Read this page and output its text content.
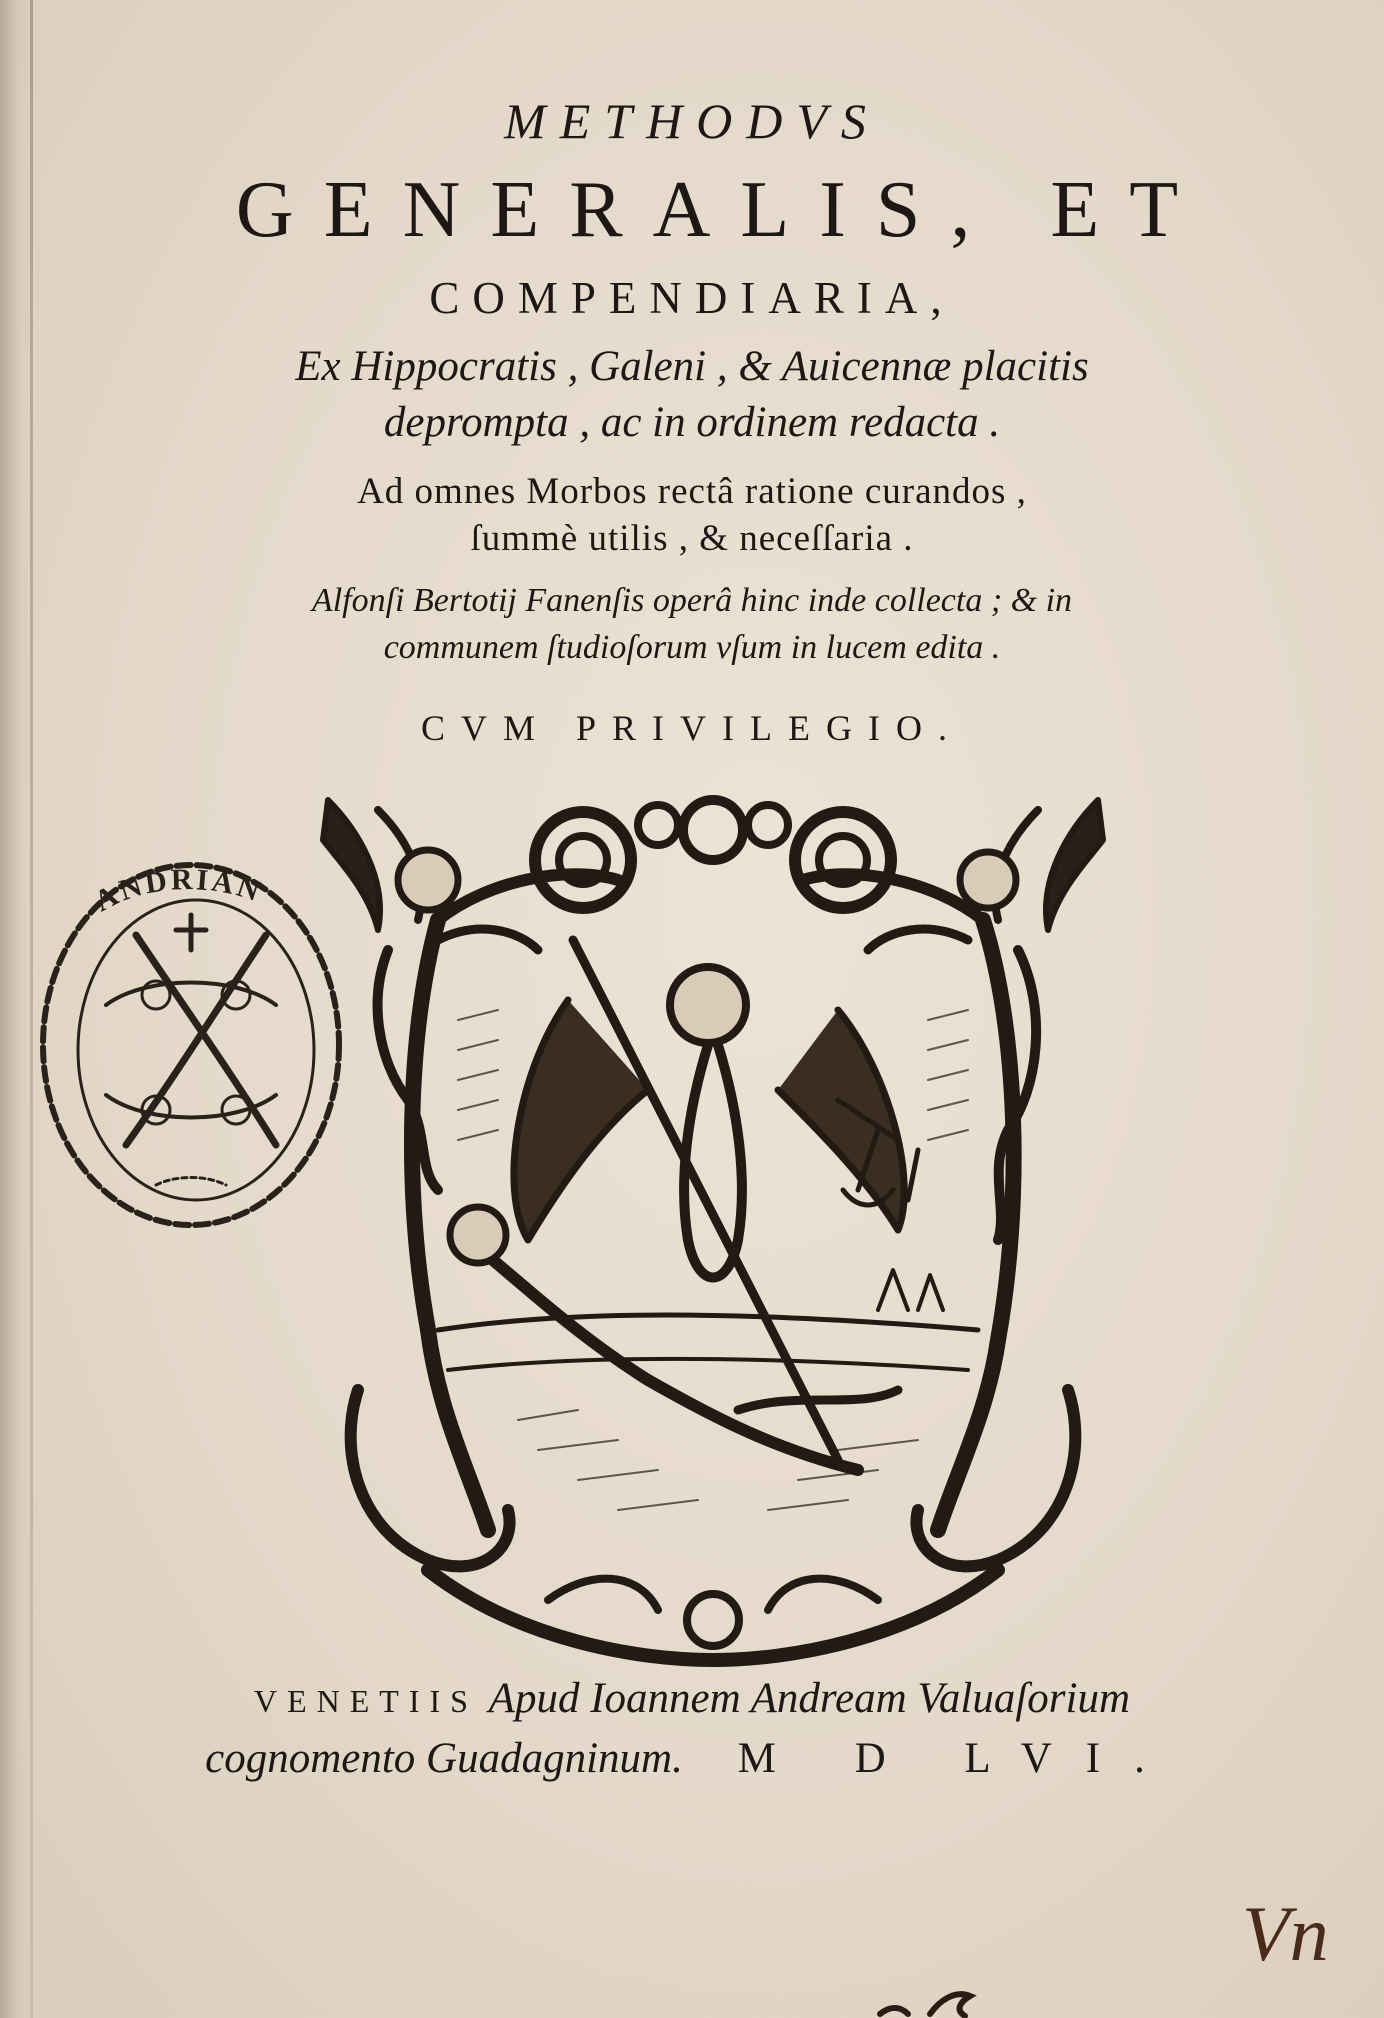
METHODVS
GENERALIS, ET
COMPENDIARIA,
Ex Hippocratis , Galeni , & Auicennæ placitis
deprompta , ac in ordinem redacta .
Ad omnes Morbos rectâ ratione curandos ,
ſummè utilis , & neceſſaria .
Alfonſi Bertotij Fanenſis operâ hinc inde collecta ; & in
communem ſtudioſorum vſum in lucem edita .
CVM PRIVILEGIO.
ANDRIAN
VENETIIS Apud Ioannem Andream Valuaſorium
cognomento Guadagninum. M D LVI.
Vn
